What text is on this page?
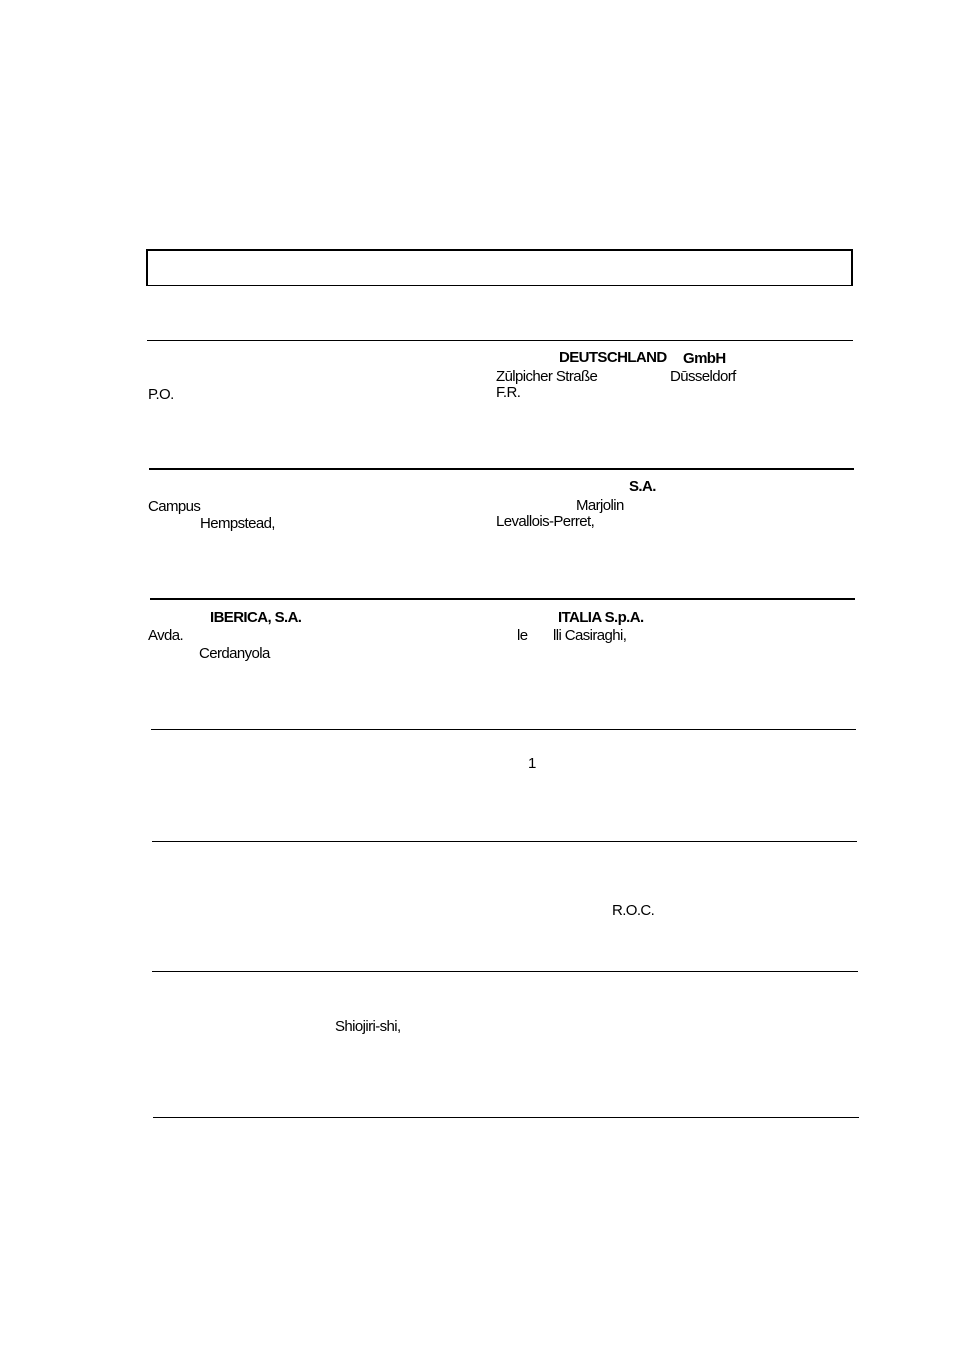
P.O.
DEUTSCHLAND GmbH
Zūlpicher Straße	Dūsseldorf
F.R.
Campus
Hempstead,
S.A.
Marjolin
Levallois-Perret,
IBERICA, S.A.
Avda.
Cerdanyola
ITALIA S.p.A.
le lli Casiraghi,
1
R.O.C.
Shiojiri-shi,
